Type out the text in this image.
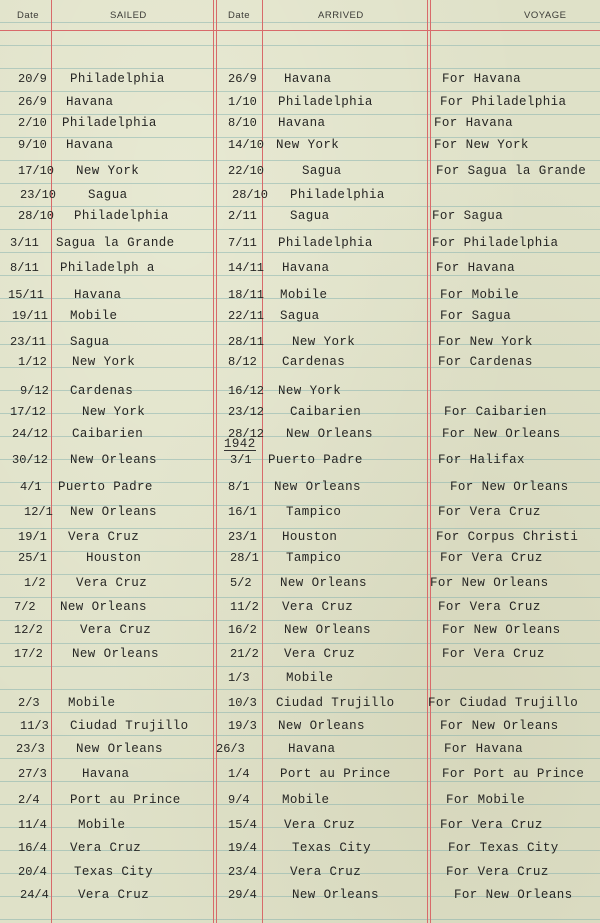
Date	SAILED	Date	ARRIVED	VOYAGE
1942
20/9 Philadelphia	26/9 Havana	For Havana
26/9 Havana	1/10 Philadelphia	For Philadelphia
2/10 Philadelphia	8/10 Havana	For Havana
9/10 Havana	14/10 New York	For New York
17/10 New York	22/10	Sagua	For Sagua la Grande
23/10	Sagua	28/10 Philadelphia
28/10 Philadelphia	2/11	Sagua	For Sagua
3/11 Sagua la Grande	7/11 Philadelphia	For Philadelphia
8/11 Philadelph a	14/11 Havana	For Havana
15/11 Havana	18/11 Mobile	For Mobile
19/11 Mobile	22/11 Sagua	For Sagua
23/11 Sagua	28/11 New York	For New York
1/12 New York	8/12 Cardenas	For Cardenas
9/12 Cardenas	16/12 New York
17/12	New York	23/12 Caibarien	For Caibarien
24/12 Caibarien	28/12 New Orleans	For New Orleans
30/12 New Orleans	3/1 Puerto Padre	For Halifax
4/1 Puerto Padre	8/1 New Orleans	For New Orleans
12/1 New Orleans	16/1 Tampico	For Vera Cruz
19/1 Vera Cruz	23/1 Houston	For Corpus Christi
25/1	Houston	28/1 Tampico	For Vera Cruz
1/2 Vera Cruz	5/2 New Orleans	For New Orleans
7/2 New Orleans	11/2 Vera Cruz	For Vera Cruz
12/2	Vera Cruz	16/2 New Orleans	For New Orleans
17/2 New Orleans	21/2 Vera Cruz	For Vera Cruz
1/3	Mobile
2/3 Mobile	10/3 Ciudad Trujillo	For Ciudad Trujillo
11/3 Ciudad Trujillo	19/3 New Orleans	For New Orleans
23/3 New Orleans	26/3	Havana	For Havana
27/3	Havana	1/4 Port au Prince	For Port au Prince
2/4 Port au Prince	9/4	Mobile	For Mobile
11/4 Mobile	15/4 Vera Cruz	For Vera Cruz
16/4 Vera Cruz	19/4	Texas City	For Texas City
20/4 Texas City	23/4	Vera Cruz	For Vera Cruz
24/4 Vera Cruz	29/4	New Orleans	For New Orleans
